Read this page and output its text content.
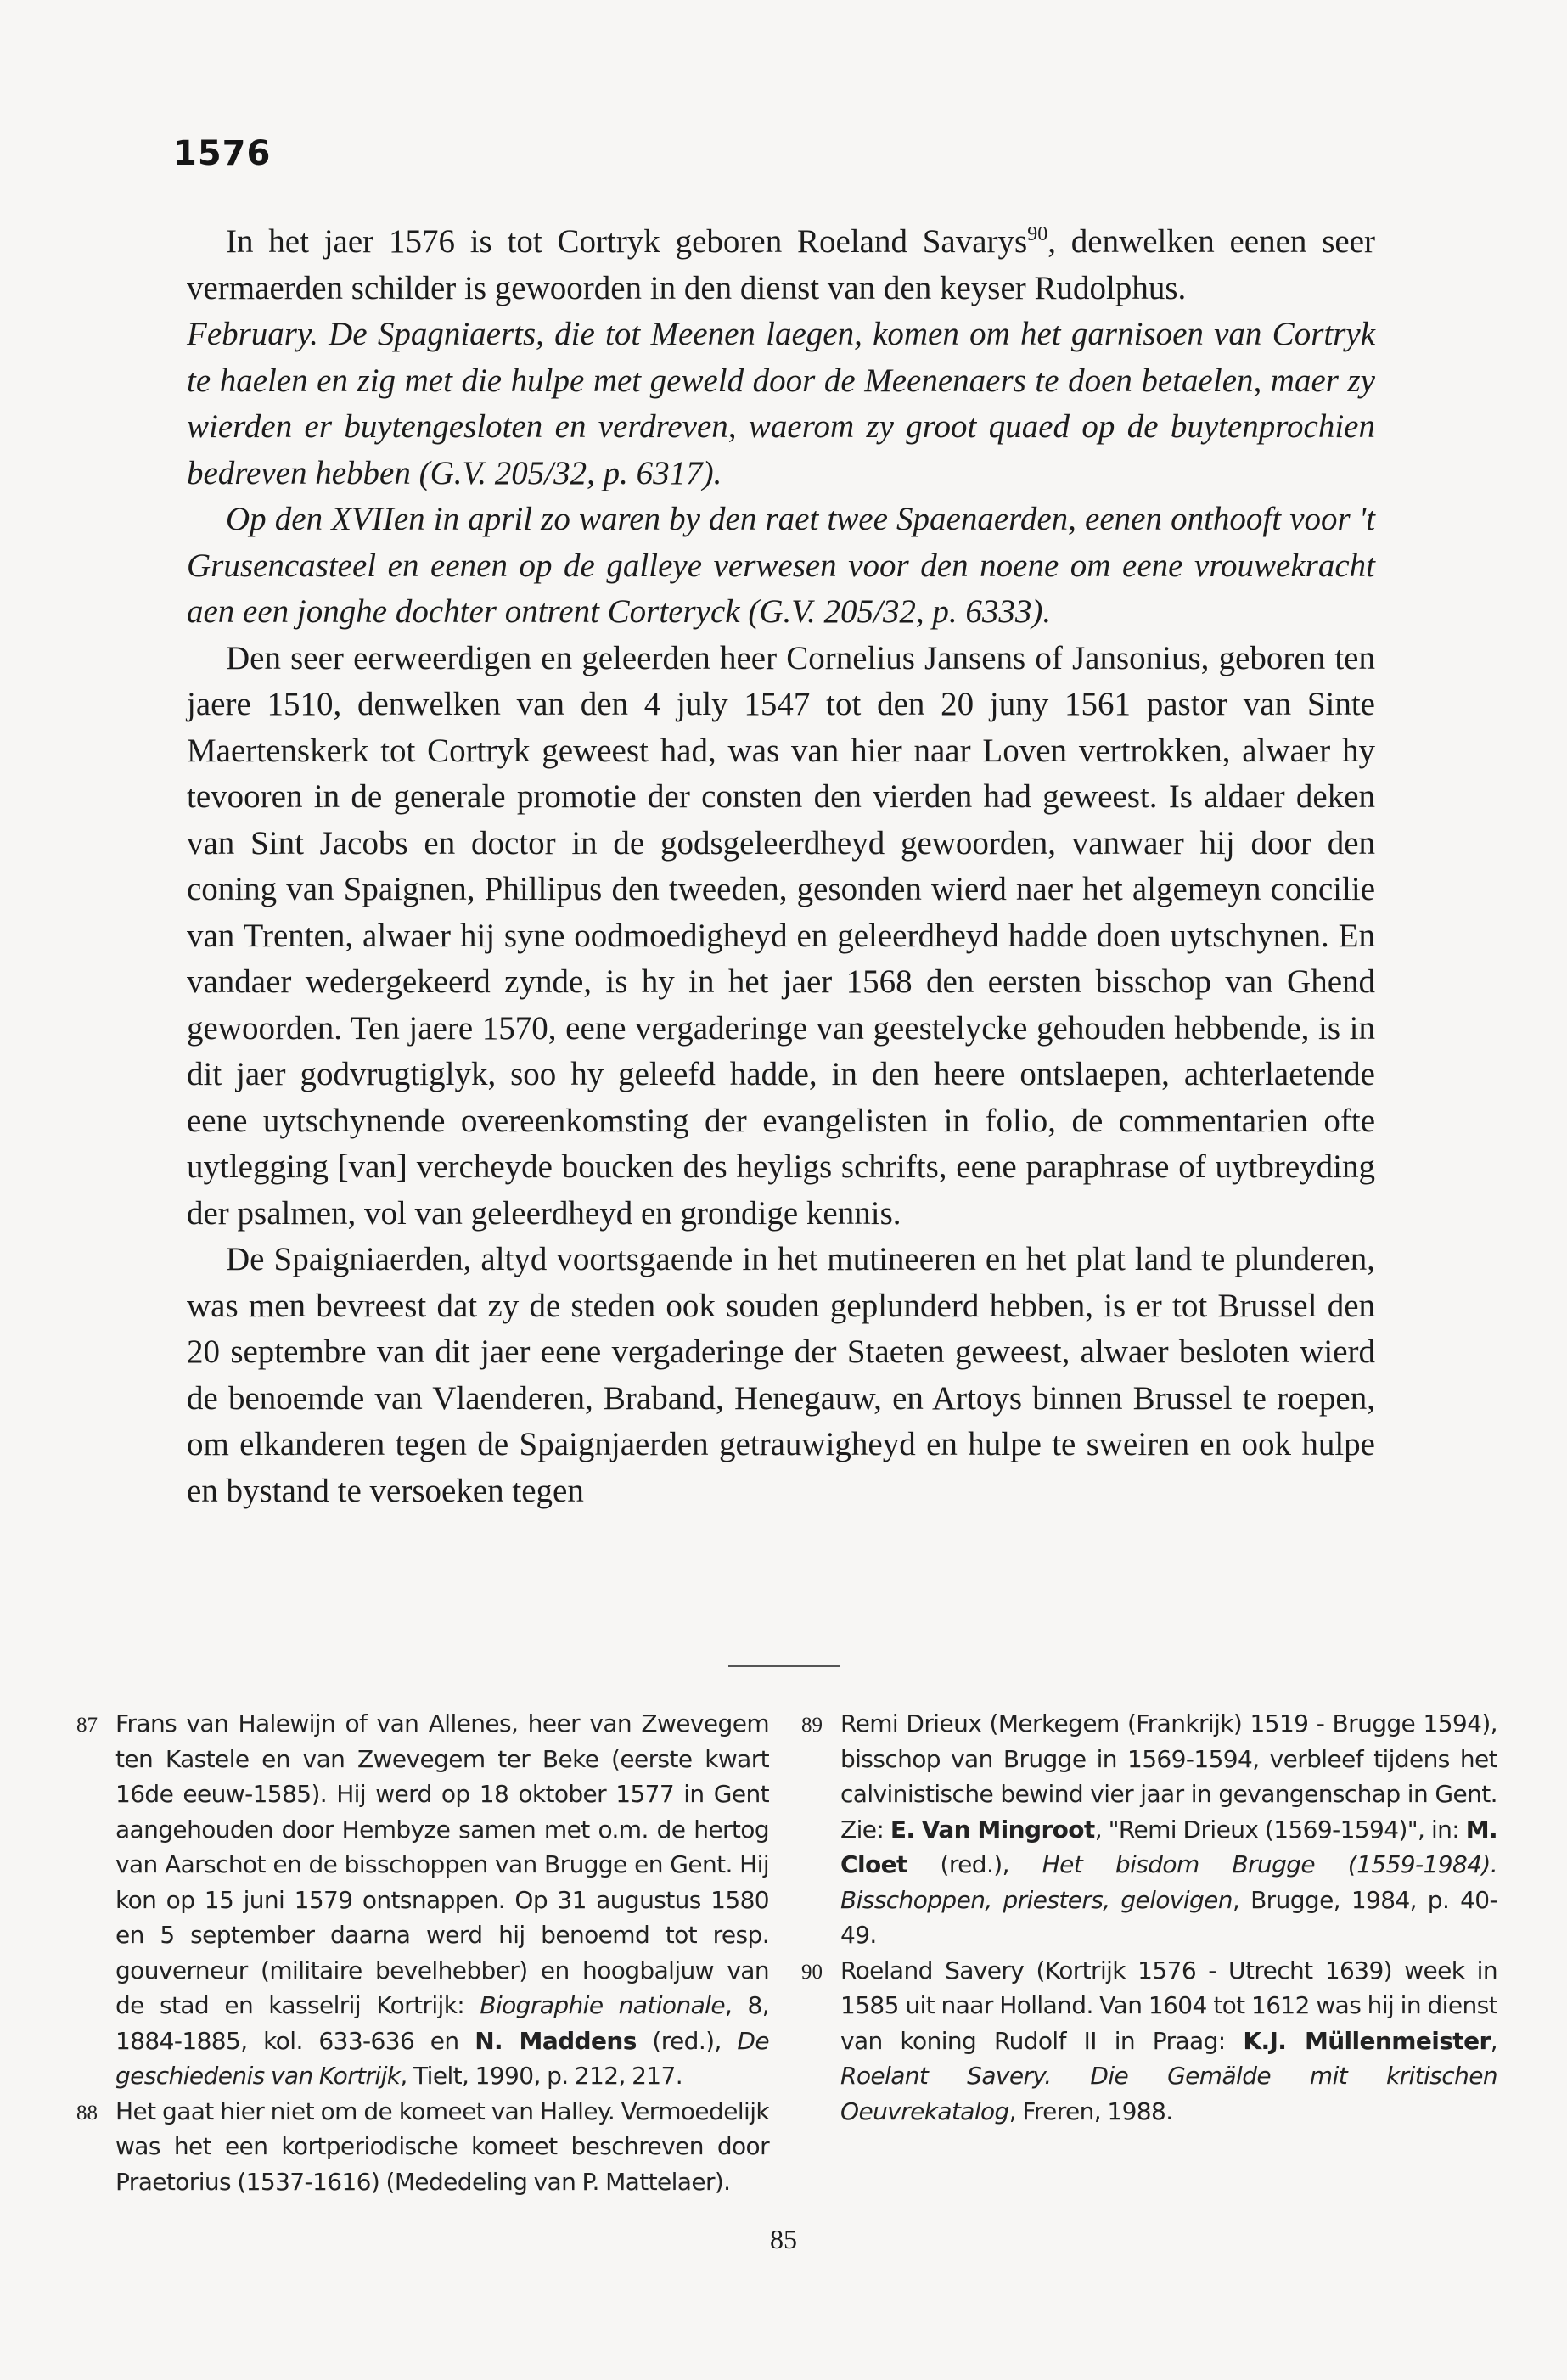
1576

In het jaer 1576 is tot Cortryk geboren Roeland Savarys$^{90}$, denwelken eenen seer vermaerden schilder is gewoorden in den dienst van den keyser Rudolphus.

February. De Spagniaerts, die tot Meenen laegen, komen om het garnisoen van Cortryk te haelen en zig met die hulpe met geweld door de Meenenaers te doen betaelen, maer zy wierden er buytengesloten en verdreven, waerom zy groot quaed op de buytenprochien bedreven hebben (G.V. 205/32, p. 6317).

Op den XVIIen in april zo waren by den raet twee Spaenaerden, eenen onthooft voor 't Grusencasteel en eenen op de galleye verwesen voor den noene om eene vrouwekracht aen een jonghe dochter ontrent Corteryck (G.V. 205/32, p. 6333).

Den seer eerweerdigen en geleerden heer Cornelius Jansens of Jansonius, geboren ten jaere 1510, denwelken van den 4 july 1547 tot den 20 juny 1561 pastor van Sinte Maertenskerk tot Cortryk geweest had, was van hier naar Loven vertrokken, alwaer hy tevooren in de generale promotie der consten den vierden had geweest. Is aldaer deken van Sint Jacobs en doctor in de godsgeleerdheyd gewoorden, vanwaer hij door den coning van Spaignen, Phillipus den tweeden, gesonden wierd naer het algemeyn concilie van Trenten, alwaer hij syne oodmoedigheyd en geleerdheyd hadde doen uytschynen. En vandaer wedergekeerd zynde, is hy in het jaer 1568 den eersten bisschop van Ghend gewoorden. Ten jaere 1570, eene vergaderinge van geestelycke gehouden hebbende, is in dit jaer godvrugtiglyk, soo hy geleefd hadde, in den heere ontslaepen, achterlaetende eene uytschynende overeenkomsting der evangelisten in folio, de commentarien ofte uytlegging [van] vercheyde boucken des heyligs schrifts, eene paraphrase of uytbreyding der psalmen, vol van geleerdheyd en grondige kennis.

De Spaigniaerden, altyd voortsgaende in het mutineeren en het plat land te plunderen, was men bevreest dat zy de steden ook souden geplunderd hebben, is er tot Brussel den 20 septembre van dit jaer eene vergaderinge der Staeten geweest, alwaer besloten wierd de benoemde van Vlaenderen, Braband, Henegauw, en Artoys binnen Brussel te roepen, om elkanderen tegen de Spaignjaerden getrauwigheyd en hulpe te sweiren en ook hulpe en bystand te versoeken tegen

87 Frans van Halewijn of van Allenes, heer van Zwevegem ten Kastele en van Zwevegem ter Beke (eerste kwart 16de eeuw-1585). Hij werd op 18 oktober 1577 in Gent aangehouden door Hembyze samen met o.m. de hertog van Aarschot en de bisschoppen van Brugge en Gent. Hij kon op 15 juni 1579 ontsnappen. Op 31 augustus 1580 en 5 september daarna werd hij benoemd tot resp. gouverneur (militaire bevelhebber) en hoogbaljuw van de stad en kasselrij Kortrijk: Biographie nationale, 8, 1884-1885, kol. 633-636 en N. Maddens (red.), De geschiedenis van Kortrijk, Tielt, 1990, p. 212, 217.
88 Het gaat hier niet om de komeet van Halley. Vermoedelijk was het een kortperiodische komeet beschreven door Praetorius (1537-1616) (Mededeling van P. Mattelaer).
89 Remi Drieux (Merkegem (Frankrijk) 1519 - Brugge 1594), bisschop van Brugge in 1569-1594, verbleef tijdens het calvinistische bewind vier jaar in gevangenschap in Gent. Zie: E. Van Mingroot, "Remi Drieux (1569-1594)", in: M. Cloet (red.), Het bisdom Brugge (1559-1984). Bisschoppen, priesters, gelovigen, Brugge, 1984, p. 40-49.
90 Roeland Savery (Kortrijk 1576 - Utrecht 1639) week in 1585 uit naar Holland. Van 1604 tot 1612 was hij in dienst van koning Rudolf II in Praag: K.J. Müllenmeister, Roelant Savery. Die Gemälde mit kritischen Oeuvrekatalog, Freren, 1988.
85
